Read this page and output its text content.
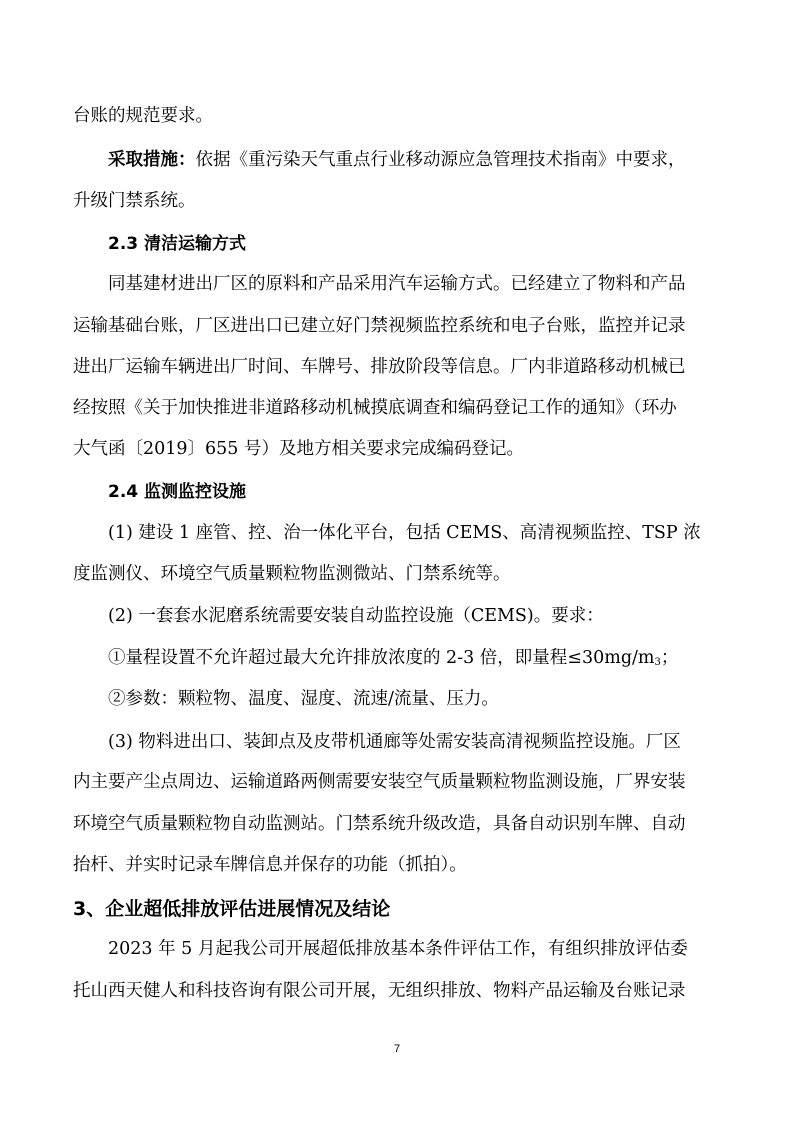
台账的规范要求。
采取措施：依据《重污染天气重点行业移动源应急管理技术指南》中要求，
升级门禁系统。
2.3 清洁运输方式
同基建材进出厂区的原料和产品采用汽车运输方式。已经建立了物料和产品
运输基础台账，厂区进出口已建立好门禁视频监控系统和电子台账，监控并记录
进出厂运输车辆进出厂时间、车牌号、排放阶段等信息。厂内非道路移动机械已
经按照《关于加快推进非道路移动机械摸底调查和编码登记工作的通知》（环办
大气函〔2019〕655 号）及地方相关要求完成编码登记。
2.4 监测监控设施
(1) 建设 1 座管、控、治一体化平台，包括 CEMS、高清视频监控、TSP 浓
度监测仪、环境空气质量颗粒物监测微站、门禁系统等。
(2) 一套套水泥磨系统需要安装自动监控设施（CEMS)。要求：
①量程设置不允许超过最大允许排放浓度的 2-3 倍，即量程$\le 30mg/m_3$；
②参数：颗粒物、温度、湿度、流速/流量、压力。
(3) 物料进出口、装卸点及皮带机通廊等处需安装高清视频监控设施。厂区
内主要产尘点周边、运输道路两侧需要安装空气质量颗粒物监测设施，厂界安装
环境空气质量颗粒物自动监测站。门禁系统升级改造，具备自动识别车牌、自动
抬杆、并实时记录车牌信息并保存的功能（抓拍）。
3、企业超低排放评估进展情况及结论
2023 年 5 月起我公司开展超低排放基本条件评估工作，有组织排放评估委
托山西天健人和科技咨询有限公司开展，无组织排放、物料产品运输及台账记录
7
